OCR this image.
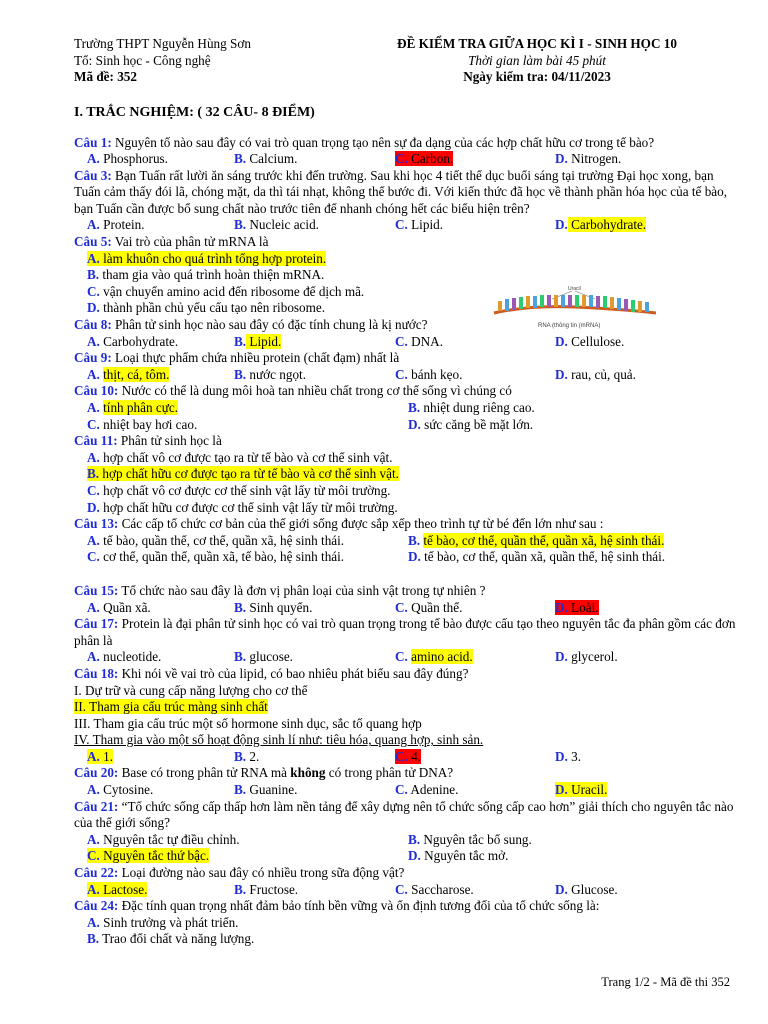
Trường THPT Nguyễn Hùng Sơn	ĐỀ KIỂM TRA GIỮA HỌC KÌ I - SINH HỌC 10
Tổ: Sinh học - Công nghệ	Thời gian làm bài 45 phút
Mã đề: 352	Ngày kiểm tra: 04/11/2023
I. TRẮC NGHIỆM: ( 32 CÂU- 8 ĐIỂM)
Câu 1: Nguyên tố nào sau đây có vai trò quan trọng tạo nên sự đa dạng của các hợp chất hữu cơ trong tế bào?
A. Phosphorus.	B. Calcium.	C. Carbon.	D. Nitrogen.
Câu 3: Bạn Tuấn rất lười ăn sáng trước khi đến trường. Sau khi học 4 tiết thể dục buổi sáng tại trường Đại học xong, bạn Tuấn cảm thấy đói lã, chóng mặt, da thì tái nhạt, không thể bước đi. Với kiến thức đã học về thành phần hóa học của tế bào, bạn Tuấn cần được bổ sung chất nào trước tiên để nhanh chóng hết các biểu hiện trên?
A. Protein.	B. Nucleic acid.	C. Lipid.	D. Carbohydrate.
Câu 5: Vai trò của phân tử mRNA là
A. làm khuôn cho quá trình tổng hợp protein.
B. tham gia vào quá trình hoàn thiện mRNA.
C. vận chuyển amino acid đến ribosome để dịch mã.
D. thành phần chủ yếu cấu tạo nên ribosome.
Câu 8: Phân tử sinh học nào sau đây có đặc tính chung là kị nước?
A. Carbohydrate.	B. Lipid.	C. DNA.	D. Cellulose.
Câu 9: Loại thực phẩm chứa nhiều protein (chất đạm) nhất là
A. thịt, cá, tôm.	B. nước ngọt.	C. bánh kẹo.	D. rau, củ, quả.
Câu 10: Nước có thể là dung môi hoà tan nhiều chất trong cơ thể sống vì chúng có
A. tính phân cực.	B. nhiệt dung riêng cao.
C. nhiệt bay hơi cao.	D. sức căng bề mặt lớn.
Câu 11: Phân tử sinh học là
A. hợp chất vô cơ được tạo ra từ tế bào và cơ thể sinh vật.
B. hợp chất hữu cơ được tạo ra từ tế bào và cơ thể sinh vật.
C. hợp chất vô cơ được cơ thể sinh vật lấy từ môi trường.
D. hợp chất hữu cơ được cơ thể sinh vật lấy từ môi trường.
Câu 13: Các cấp tổ chức cơ bản của thế giới sống được sắp xếp theo trình tự từ bé đến lớn như sau :
A. tế bào, quần thể, cơ thể, quần xã, hệ sinh thái.	B. tế bào, cơ thể, quần thể, quần xã, hệ sinh thái.
C. cơ thể, quần thể, quần xã, tế bào, hệ sinh thái.	D. tế bào, cơ thể, quần xã, quần thể, hệ sinh thái.
Câu 15: Tổ chức nào sau đây là đơn vị phân loại của sinh vật trong tự nhiên ?
A. Quần xã.	B. Sinh quyển.	C. Quần thể.	D. Loài.
Câu 17: Protein là đại phân tử sinh học có vai trò quan trọng trong tế bào được cấu tạo theo nguyên tắc đa phân gồm các đơn phân là
A. nucleotide.	B. glucose.	C. amino acid.	D. glycerol.
Câu 18: Khi nói về vai trò của lipid, có bao nhiêu phát biểu sau đây đúng?
I. Dự trữ và cung cấp năng lượng cho cơ thể
II. Tham gia cấu trúc màng sinh chất
III. Tham gia cấu trúc một số hormone sinh dục, sắc tố quang hợp
IV. Tham gia vào một số hoạt động sinh lí như: tiêu hóa, quang hợp, sinh sản.
A. 1.	B. 2.	C. 4.	D. 3.
Câu 20: Base có trong phân tử RNA mà không có trong phân tử DNA?
A. Cytosine.	B. Guanine.	C. Adenine.	D. Uracil.
Câu 21: “Tổ chức sống cấp thấp hơn làm nền tảng để xây dựng nên tổ chức sống cấp cao hơn” giải thích cho nguyên tắc nào của thế giới sống?
A. Nguyên tắc tự điều chỉnh.	B. Nguyên tắc bổ sung.
C. Nguyên tắc thứ bậc.	D. Nguyên tắc mở.
Câu 22: Loại đường nào sau đây có nhiều trong sữa động vật?
A. Lactose.	B. Fructose.	C. Saccharose.	D. Glucose.
Câu 24: Đặc tính quan trọng nhất đảm bảo tính bền vững và ổn định tương đối của tổ chức sống là:
A. Sinh trưởng và phát triển.
B. Trao đổi chất và năng lượng.
Uracil
RNA (thông tin (mRNA)
Trang 1/2 - Mã đề thi 352
